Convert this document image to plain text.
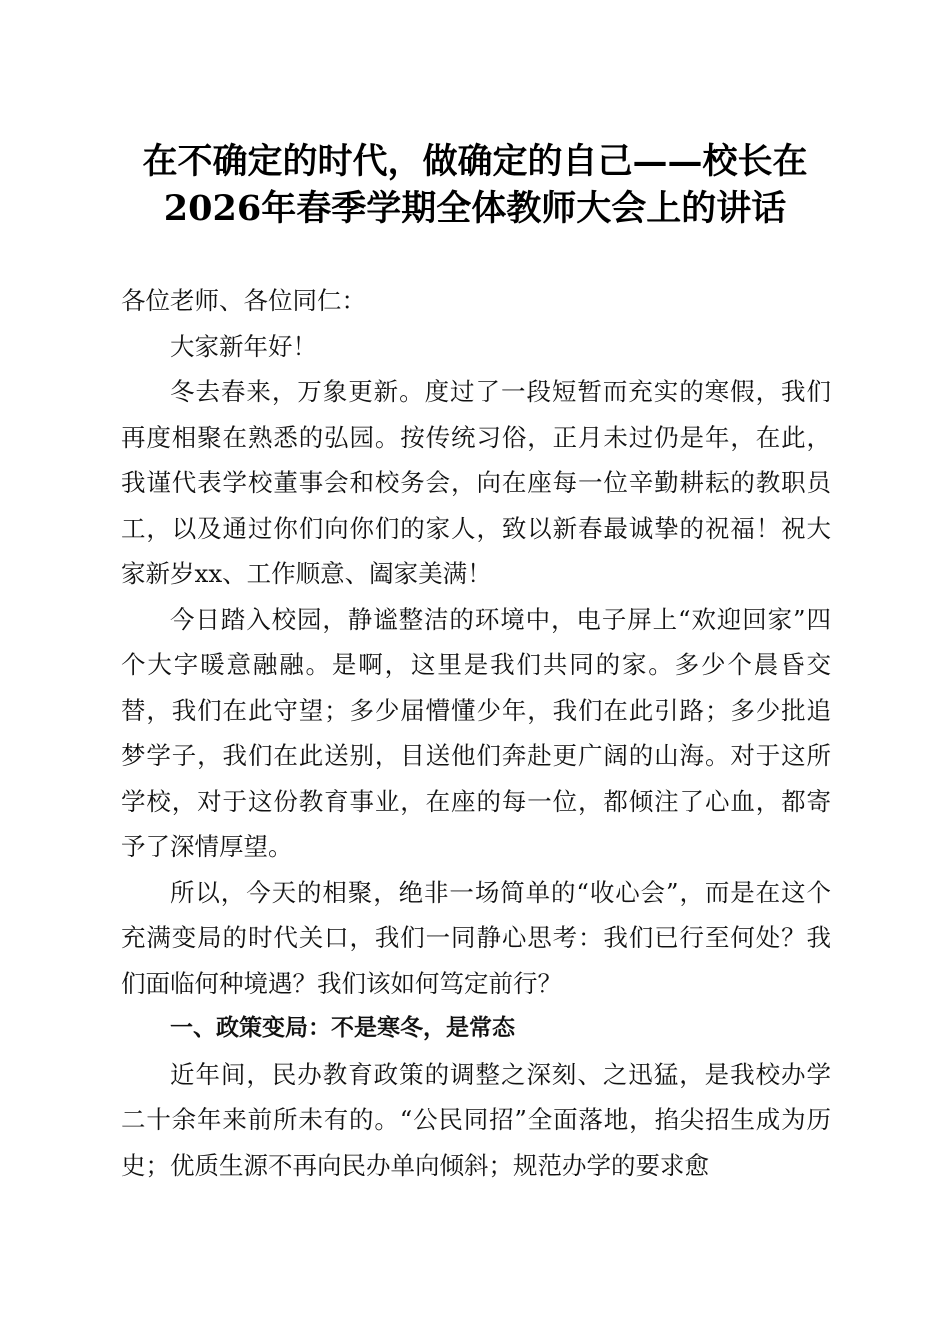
在不确定的时代，做确定的自己——校长在
2026年春季学期全体教师大会上的讲话

各位老师、各位同仁：

大家新年好！

冬去春来，万象更新。度过了一段短暂而充实的寒假，我们再度相聚在熟悉的弘园。按传统习俗，正月未过仍是年，在此，我谨代表学校董事会和校务会，向在座每一位辛勤耕耘的教职员工，以及通过你们向你们的家人，致以新春最诚挚的祝福！祝大家新岁xx、工作顺意、阖家美满！

今日踏入校园，静谧整洁的环境中，电子屏上“欢迎回家”四个大字暖意融融。是啊，这里是我们共同的家。多少个晨昏交替，我们在此守望；多少届懵懂少年，我们在此引路；多少批追梦学子，我们在此送别，目送他们奔赴更广阔的山海。对于这所学校，对于这份教育事业，在座的每一位，都倾注了心血，都寄予了深情厚望。

所以，今天的相聚，绝非一场简单的“收心会”，而是在这个充满变局的时代关口，我们一同静心思考：我们已行至何处？我们面临何种境遇？我们该如何笃定前行？

一、政策变局：不是寒冬，是常态

近年间，民办教育政策的调整之深刻、之迅猛，是我校办学二十余年来前所未有的。“公民同招”全面落地，掐尖招生成为历史；优质生源不再向民办单向倾斜；规范办学的要求愈
